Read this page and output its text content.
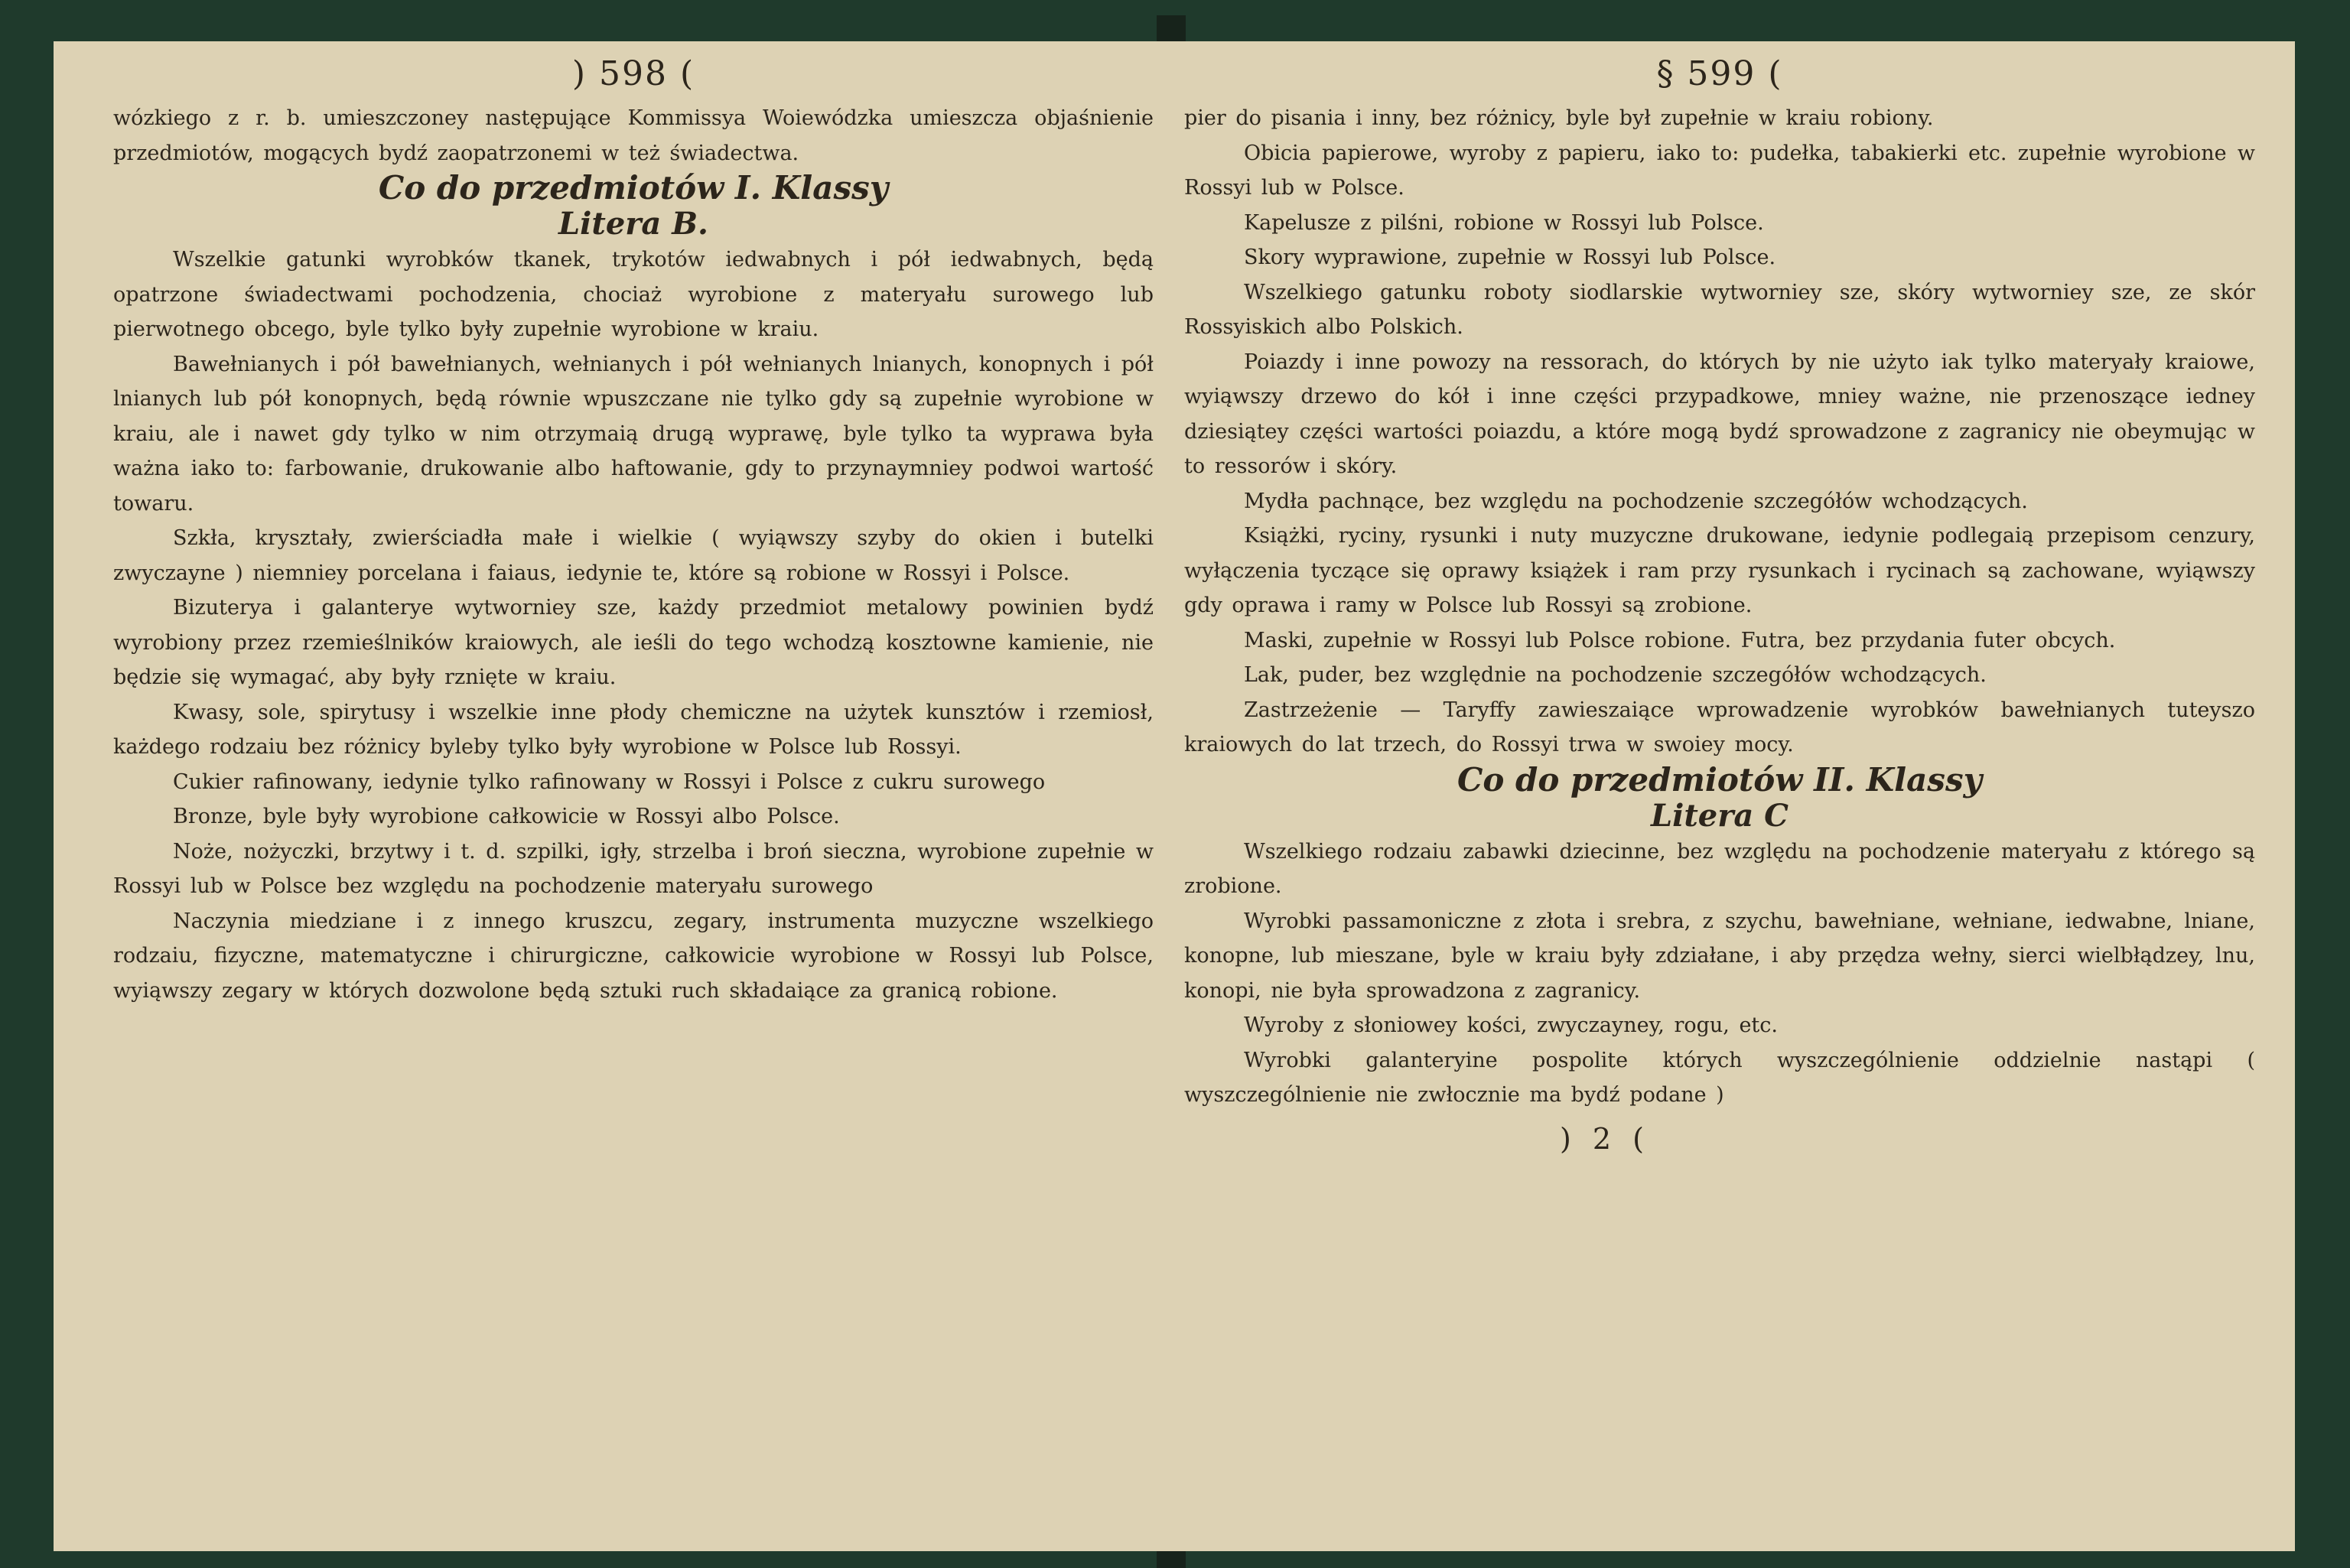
) 598 (

wózkiego z r. b. umieszczoney następujące Kommissya Woiewódzka umieszcza objaśnienie przedmiotów, mogących bydź zaopatrzonemi w też świadectwa.

Co do przedmiotów I. Klassy
Litera B.

Wszelkie gatunki wyrobków tkanek, trykotów iedwabnych i pół iedwabnych, będą opatrzone świadectwami pochodzenia, chociaż wyrobione z materyału surowego lub pierwotnego obcego, byle tylko były zupełnie wyrobione w kraiu.

Bawełnianych i pół bawełnianych, wełnianych i pół wełnianych lnianych, konopnych i pół lnianych lub pół konopnych, będą równie wpuszczane nie tylko gdy są zupełnie wyrobione w kraiu, ale i nawet gdy tylko w nim otrzymaią drugą wyprawę, byle tylko ta wyprawa była ważna iako to: farbowanie, drukowanie albo haftowanie, gdy to przynaymniey podwoi wartość towaru.

Szkła, kryształy, zwierściadła małe i wielkie ( wyiąwszy szyby do okien i butelki zwyczayne ) niemniey porcelana i faiaus, iedynie te, które są robione w Rossyi i Polsce.

Bizuterya i galanterye wytworniey sze, każdy przedmiot metalowy powinien bydź wyrobiony przez rzemieślników kraiowych, ale ieśli do tego wchodzą kosztowne kamienie, nie będzie się wymagać, aby były rznięte w kraiu.

Kwasy, sole, spirytusy i wszelkie inne płody chemiczne na użytek kunsztów i rzemiosł, każdego rodzaiu bez różnicy byleby tylko były wyrobione w Polsce lub Rossyi.

Cukier rafinowany, iedynie tylko rafinowany w Rossyi i Polsce z cukru surowego

Bronze, byle były wyrobione całkowicie w Rossyi albo Polsce.

Noże, nożyczki, brzytwy i t. d. szpilki, igły, strzelba i broń sieczna, wyrobione zupełnie w Rossyi lub w Polsce bez względu na pochodzenie materyału surowego

Naczynia miedziane i z innego kruszcu, zegary, instrumenta muzyczne wszelkiego rodzaiu, fizyczne, matematyczne i chirurgiczne, całkowicie wyrobione w Rossyi lub Polsce, wyiąwszy zegary w których dozwolone będą sztuki ruch składaiące za granicą robione.

§ 599 (

pier do pisania i inny, bez różnicy, byle był zupełnie w kraiu robiony.

Obicia papierowe, wyroby z papieru, iako to: pudełka, tabakierki etc. zupełnie wyrobione w Rossyi lub w Polsce.

Kapelusze z pilśni, robione w Rossyi lub Polsce.

Skory wyprawione, zupełnie w Rossyi lub Polsce.

Wszelkiego gatunku roboty siodlarskie wytworniey sze, skóry wytworniey sze, ze skór Rossyiskich albo Polskich.

Poiazdy i inne powozy na ressorach, do których by nie użyto iak tylko materyały kraiowe, wyiąwszy drzewo do kół i inne części przypadkowe, mniey ważne, nie przenoszące iedney dziesiątey części wartości poiazdu, a które mogą bydź sprowadzone z zagranicy nie obeymując w to ressorów i skóry.

Mydła pachnące, bez względu na pochodzenie szczegółów wchodzących.

Książki, ryciny, rysunki i nuty muzyczne drukowane, iedynie podlegaią przepisom cenzury, wyłączenia tyczące się oprawy książek i ram przy rysunkach i rycinach są zachowane, wyiąwszy gdy oprawa i ramy w Polsce lub Rossyi są zrobione.

Maski, zupełnie w Rossyi lub Polsce robione. Futra, bez przydania futer obcych.

Lak, puder, bez względnie na pochodzenie szczegółów wchodzących.

Zastrzeżenie — Taryffy zawieszaiące wprowadzenie wyrobków bawełnianych tuteyszo kraiowych do lat trzech, do Rossyi trwa w swoiey mocy.

Co do przedmiotów II. Klassy
Litera C

Wszelkiego rodzaiu zabawki dziecinne, bez względu na pochodzenie materyału z którego są zrobione.

Wyrobki passamoniczne z złota i srebra, z szychu, bawełniane, wełniane, iedwabne, lniane, konopne, lub mieszane, byle w kraiu były zdziałane, i aby przędza wełny, sierci wielbłądzey, lnu, konopi, nie była sprowadzona z zagranicy.

Wyroby z słoniowey kości, zwyczayney, rogu, etc.

Wyrobki galanteryine pospolite których wyszczególnienie oddzielnie nastąpi ( wyszczególnienie nie zwłocznie ma bydź podane )

) 2 (
